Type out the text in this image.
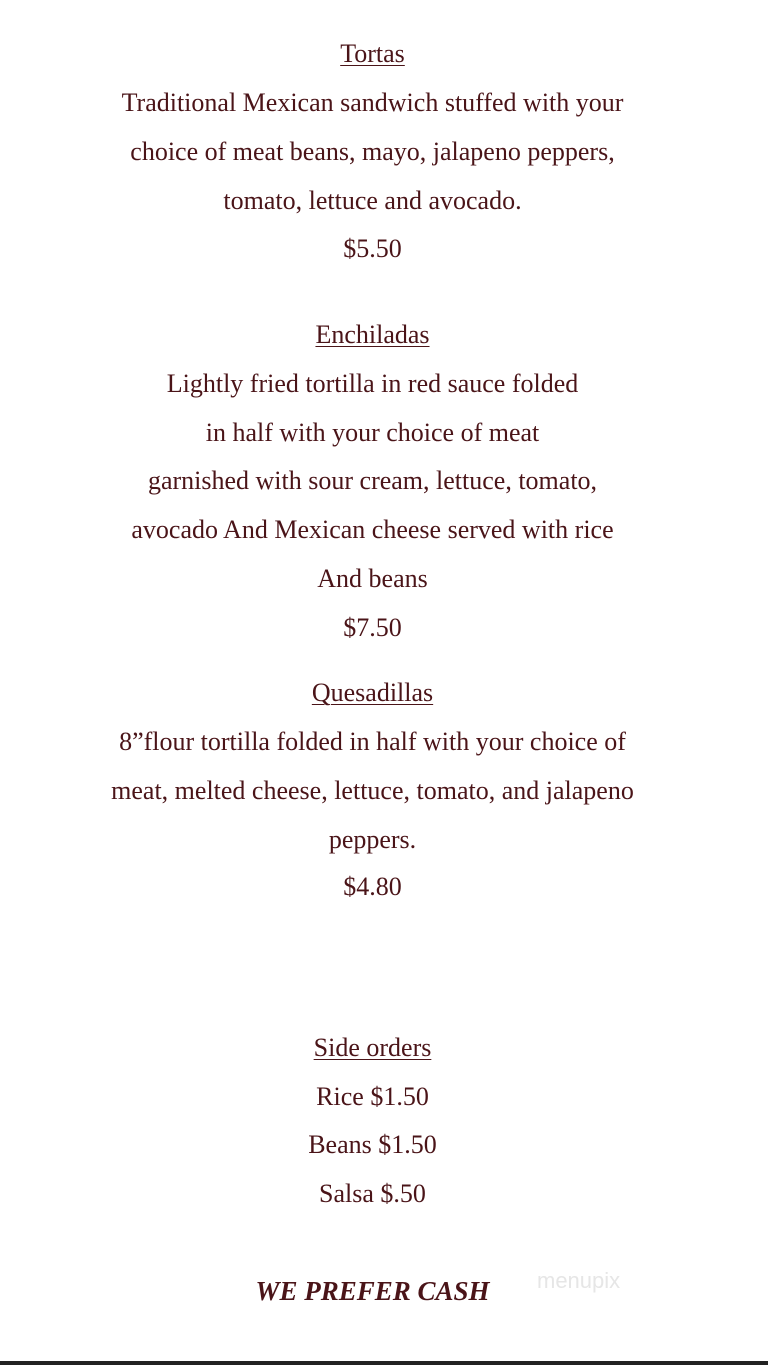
Tortas
Traditional Mexican sandwich stuffed with your
choice of meat beans, mayo, jalapeno peppers,
tomato, lettuce and avocado.
$5.50
Enchiladas
Lightly fried tortilla in red sauce folded
in half with your choice of meat
garnished with sour cream, lettuce, tomato,
avocado And Mexican cheese served with rice
And beans
$7.50
Quesadillas
8”flour tortilla folded in half with your choice of
meat, melted cheese, lettuce, tomato, and jalapeno
peppers.
$4.80
Side orders
Rice $1.50
Beans $1.50
Salsa $.50
WE PREFER CASH	menupix
